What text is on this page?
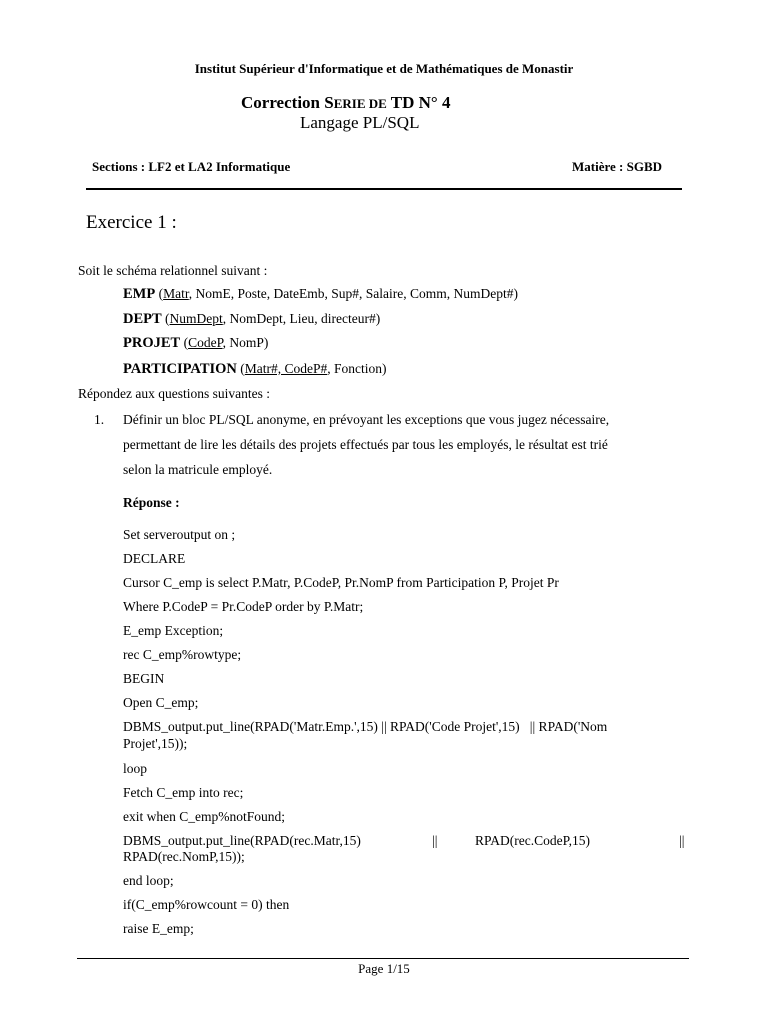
Institut Supérieur d'Informatique et de Mathématiques de Monastir
Correction SERIE DE TD N° 4
Langage PL/SQL
Sections : LF2 et LA2 Informatique	Matière : SGBD
Exercice 1 :
Soit le schéma relationnel suivant :
EMP (Matr, NomE, Poste, DateEmb, Sup#, Salaire, Comm, NumDept#)
DEPT (NumDept, NomDept, Lieu, directeur#)
PROJET (CodeP, NomP)
PARTICIPATION (Matr#, CodeP#, Fonction)
Répondez aux questions suivantes :
1. Définir un bloc PL/SQL anonyme, en prévoyant les exceptions que vous jugez nécessaire,
permettant de lire les détails des projets effectués par tous les employés, le résultat est trié
selon la matricule employé.
Réponse :
Set serveroutput on ;
DECLARE
Cursor C_emp is select P.Matr, P.CodeP, Pr.NomP from Participation P, Projet Pr
Where P.CodeP = Pr.CodeP order by P.Matr;
E_emp Exception;
rec C_emp%rowtype;
BEGIN
Open C_emp;
DBMS_output.put_line(RPAD('Matr.Emp.',15) || RPAD('Code Projet',15)   || RPAD('Nom
Projet',15));
loop
Fetch C_emp into rec;
exit when C_emp%notFound;
DBMS_output.put_line(RPAD(rec.Matr,15)	||	RPAD(rec.CodeP,15)	||
RPAD(rec.NomP,15));
end loop;
if(C_emp%rowcount = 0) then
raise E_emp;
Page 1/15
